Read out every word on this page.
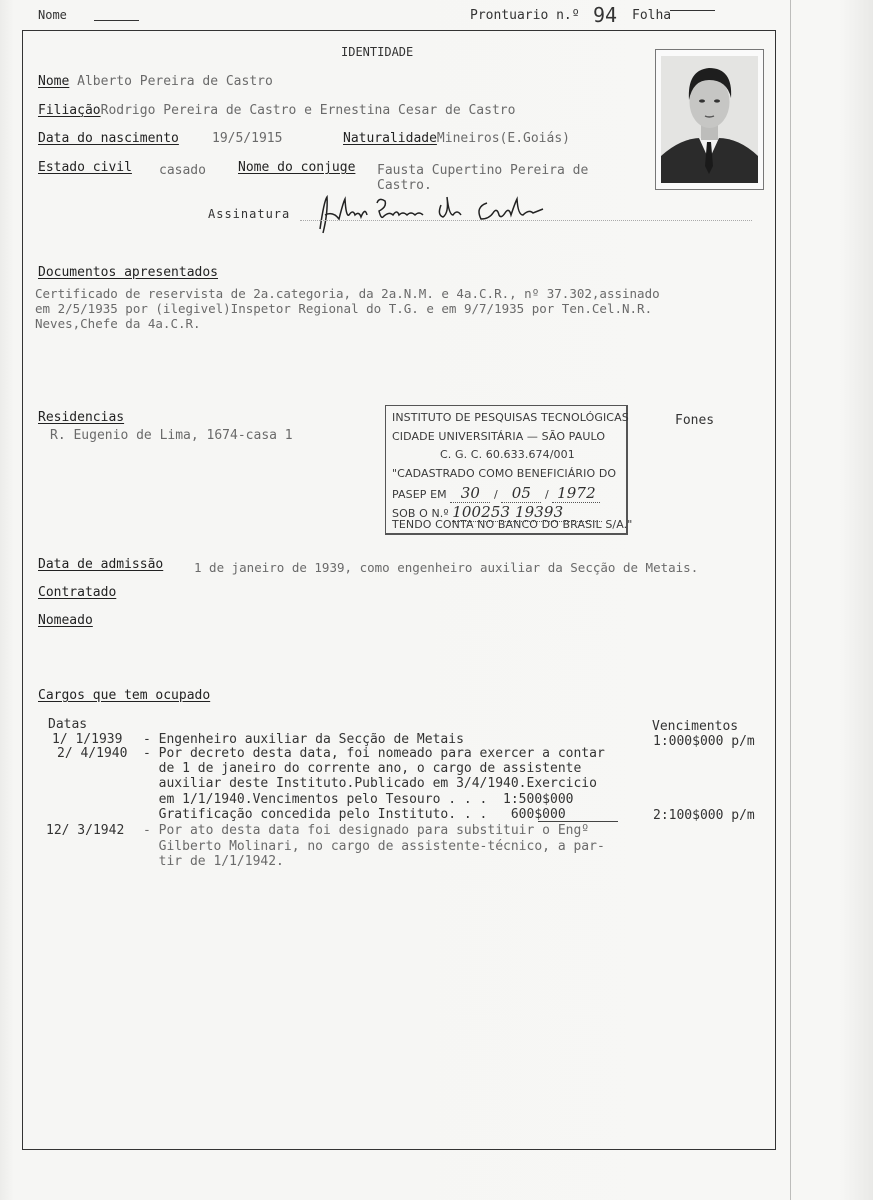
Nome	Prontuario n.º 94 Folha
IDENTIDADE
Nome Alberto Pereira de Castro
FiliaçãoRodrigo Pereira de Castro e Ernestina Cesar de Castro
Data do nascimento	19/5/1915	NaturalidadeMineiros(E.Goiás)
Estado civil casado Nome do conjuge Fausta Cupertino Pereira de
Castro.
Assinatura
Documentos apresentados
Certificado de reservista de 2a.categoria, da 2a.N.M. e 4a.C.R., nº 37.302,assinado
em 2/5/1935 por (ilegivel)Inspetor Regional do T.G. e em 9/7/1935 por Ten.Cel.N.R.
Neves,Chefe da 4a.C.R.
Residencias
R. Eugenio de Lima, 1674-casa 1
Fones
INSTITUTO DE PESQUISAS TECNOLÓGICAS
CIDADE UNIVERSITÁRIA — SÃO PAULO
C. G. C. 60.633.674/001
"CADASTRADO COMO BENEFICIÁRIO DO
PASEP EM 30 / 05 / 1972
SOB O N.º 100253 19393
TENDO CONTA NO BANCO DO BRASIL S/A."
Data de admissão 1 de janeiro de 1939, como engenheiro auxiliar da Secção de Metais.
Contratado
Nomeado
Cargos que tem ocupado
Datas	Vencimentos
1/ 1/1939 - Engenheiro auxiliar da Secção de Metais	1:000$000 p/m
2/ 4/1940 - Por decreto desta data, foi nomeado para exercer a contar
de 1 de janeiro do corrente ano, o cargo de assistente
auxiliar deste Instituto.Publicado em 3/4/1940.Exercicio
em 1/1/1940.Vencimentos pelo Tesouro . . .  1:500$000
Gratificação concedida pelo Instituto. . .   600$000	2:100$000 p/m
12/ 3/1942 - Por ato desta data foi designado para substituir o Engº
Gilberto Molinari, no cargo de assistente-técnico, a par-
tir de 1/1/1942.
